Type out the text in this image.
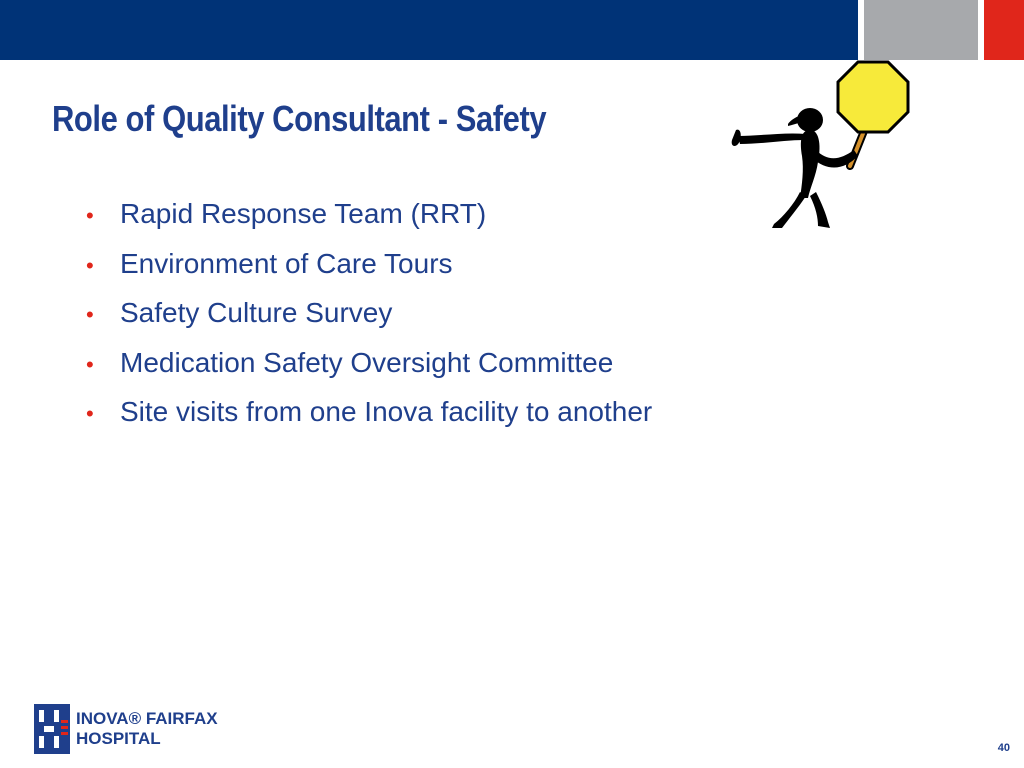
Role of Quality Consultant - Safety
• Rapid Response Team (RRT)
• Environment of Care Tours
• Safety Culture Survey
• Medication Safety Oversight Committee
• Site visits from one Inova facility to another
INOVA® FAIRFAX
HOSPITAL	40
